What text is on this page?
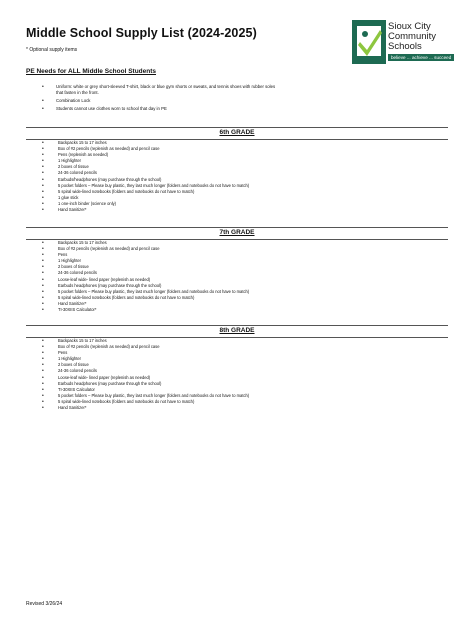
Middle School Supply List (2024-2025)
* Optional supply items
Sioux City
Community
Schools
believe ... achieve ... succeed
PE Needs for ALL Middle School Students
•	Uniform: white or grey short-sleeved T-shirt, black or blue gym shorts or sweats, and tennis shoes with rubber soles that fasten in the front.
•	Combination Lock
•	Students cannot use clothes worn to school that day in PE
6th GRADE
•	Backpacks 15 to 17 inches
•	Box of #2 pencils (replenish as needed) and pencil case
•	Pens (replenish as needed)
•	1 Highlighter
•	2 boxes of tissue
•	24-36 colored pencils
•	Earbuds/headphones (may purchase through the school)
•	5 pocket folders – Please buy plastic, they last much longer (folders and notebooks do not have to match)
•	5 spiral wide-lined notebooks (folders and notebooks do not have to match)
•	1 glue stick
•	1 one-inch binder (science only)
•	Hand Sanitizer*
7th GRADE
•	Backpacks 15 to 17 inches
•	Box of #2 pencils (replenish as needed) and pencil case
•	Pens
•	1 Highlighter
•	2 boxes of tissue
•	24-36 colored pencils
•	Loose-leaf wide- lined paper (replenish as needed)
•	Earbuds headphones (may purchase through the school)
•	5 pocket folders – Please buy plastic, they last much longer (folders and notebooks do not have to match)
•	5 spiral wide-lined notebooks (folders and notebooks do not have to match)
•	Hand Sanitizer*
•	TI-30XIIS Calculator*
8th GRADE
•	Backpacks 15 to 17 inches
•	Box of #2 pencils (replenish as needed) and pencil case
•	Pens
•	1 Highlighter
•	2 boxes of tissue
•	24-36 colored pencils
•	Loose-leaf wide- lined paper (replenish as needed)
•	Earbuds headphones (may purchase through the school)
•	TI-30XIIS Calculator
•	5 pocket folders – Please buy plastic, they last much longer (folders and notebooks do not have to match)
•	5 spiral wide-lined notebooks (folders and notebooks do not have to match)
•	Hand Sanitizer*
Revised 3/26/24
